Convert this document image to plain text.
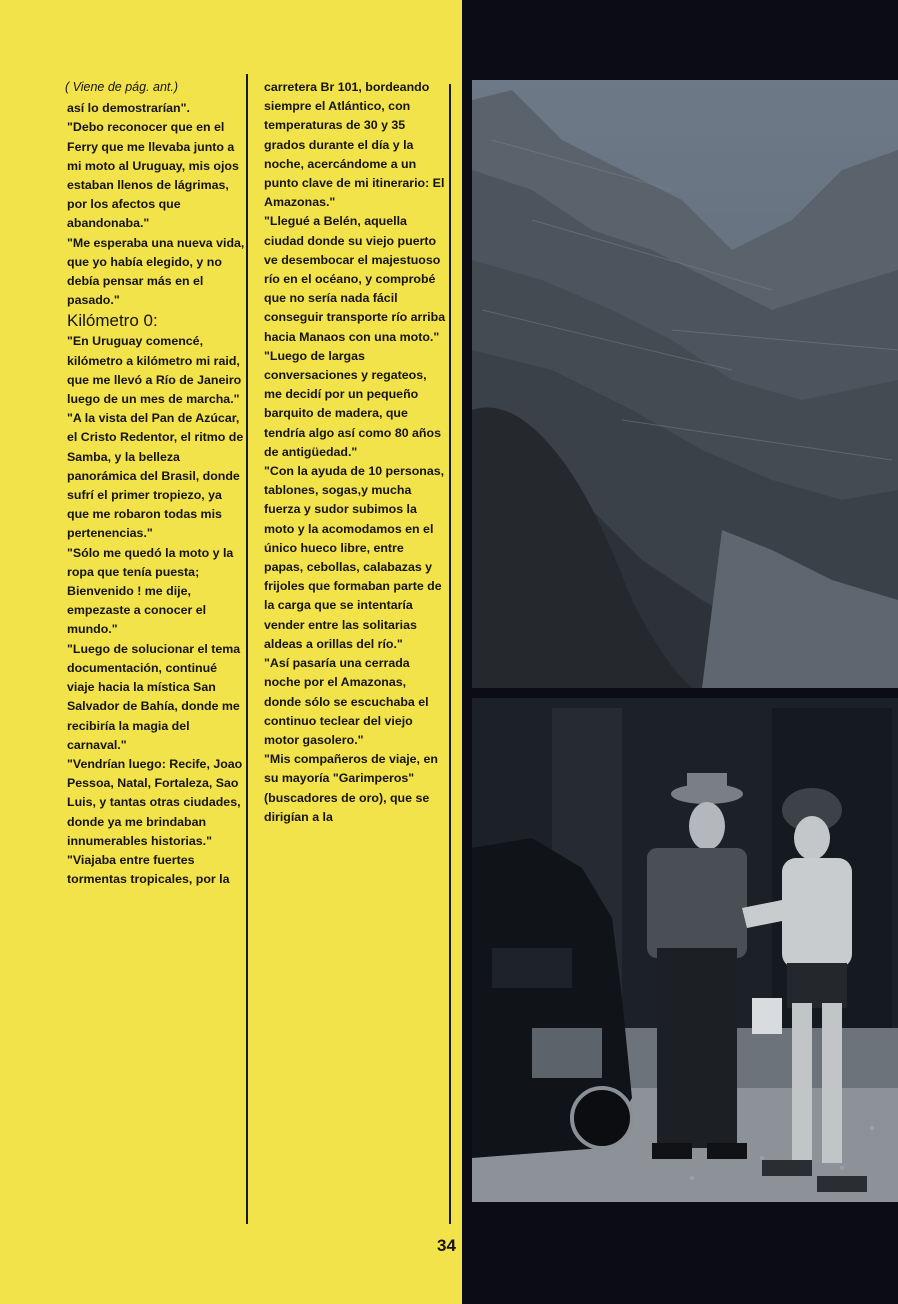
( Viene de pág. ant.)

así lo demostrarían".

"Debo reconocer que en el Ferry que me llevaba junto a mi moto al Uruguay, mis ojos estaban llenos de lágrimas, por los afectos que abandonaba."

"Me esperaba una nueva vida, que yo había elegido, y no debía pensar más en el pasado."

Kilómetro 0:

"En Uruguay comencé, kilómetro a kilómetro mi raid, que me llevó a Río de Janeiro luego de un mes de marcha."

"A la vista del Pan de Azúcar, el Cristo Redentor, el ritmo de Samba, y la belleza panorámica del Brasil, donde sufrí el primer tropiezo, ya que me robaron todas mis pertenencias."

"Sólo me quedó la moto y la ropa que tenía puesta; Bienvenido ! me dije, empezaste a conocer el mundo."

"Luego de solucionar el tema documentación, continué viaje hacia la mística San Salvador de Bahía, donde me recibiría la magia del carnaval."

"Vendrían luego: Recife, Joao Pessoa, Natal, Fortaleza, Sao Luis, y tantas otras ciudades, donde ya me brindaban innumerables historias."

"Viajaba entre fuertes tormentas tropicales, por la

carretera Br 101, bordeando siempre el Atlántico, con temperaturas de 30 y 35 grados durante el día y la noche, acercándome a un punto clave de mi itinerario: El Amazonas."

"Llegué a Belén, aquella ciudad donde su viejo puerto ve desembocar el majestuoso río en el océano, y comprobé que no sería nada fácil conseguir transporte río arriba hacia Manaos con una moto."

"Luego de largas conversaciones y regateos, me decidí por un pequeño barquito de madera, que tendría algo así como 80 años de antigüedad."

"Con la ayuda de 10 personas, tablones, sogas,y mucha fuerza y sudor subimos la moto y la acomodamos en el único hueco libre, entre papas, cebollas, calabazas y frijoles que formaban parte de la carga que se intentaría vender entre las solitarias aldeas a orillas del río."

"Así pasaría una cerrada noche por el Amazonas, donde sólo se escuchaba el continuo teclear del viejo motor gasolero."

"Mis compañeros de viaje, en su mayoría "Garimperos" (buscadores de oro), que se dirigían a la

34
